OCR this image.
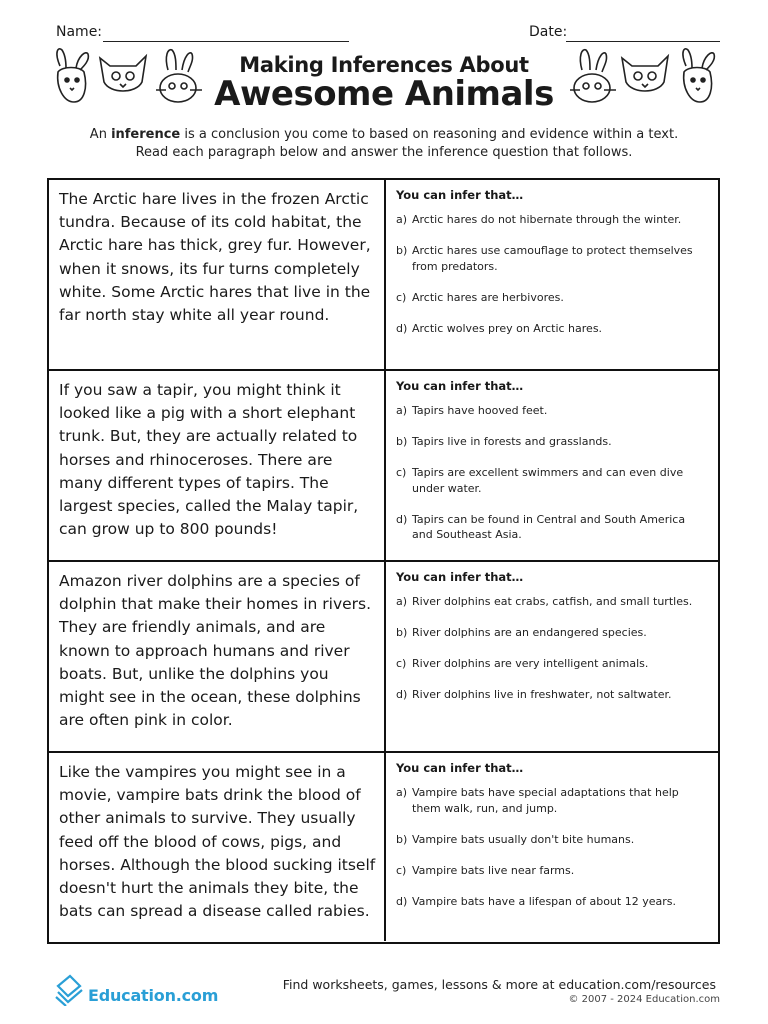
Name:	Date:
Making Inferences About
Awesome Animals
An inference is a conclusion you come to based on reasoning and evidence within a text.
Read each paragraph below and answer the inference question that follows.
The Arctic hare lives in the frozen Arctic tundra. Because of its cold habitat, the Arctic hare has thick, grey fur. However, when it snows, its fur turns completely white. Some Arctic hares that live in the far north stay white all year round.
You can infer that…
a) Arctic hares do not hibernate through the winter.
b) Arctic hares use camouflage to protect themselves from predators.
c) Arctic hares are herbivores.
d) Arctic wolves prey on Arctic hares.
If you saw a tapir, you might think it looked like a pig with a short elephant trunk. But, they are actually related to horses and rhinoceroses. There are many different types of tapirs. The largest species, called the Malay tapir, can grow up to 800 pounds!
You can infer that…
a) Tapirs have hooved feet.
b) Tapirs live in forests and grasslands.
c) Tapirs are excellent swimmers and can even dive under water.
d) Tapirs can be found in Central and South America and Southeast Asia.
Amazon river dolphins are a species of dolphin that make their homes in rivers. They are friendly animals, and are known to approach humans and river boats. But, unlike the dolphins you might see in the ocean, these dolphins are often pink in color.
You can infer that…
a) River dolphins eat crabs, catfish, and small turtles.
b) River dolphins are an endangered species.
c) River dolphins are very intelligent animals.
d) River dolphins live in freshwater, not saltwater.
Like the vampires you might see in a movie, vampire bats drink the blood of other animals to survive. They usually feed off the blood of cows, pigs, and horses. Although the blood sucking itself doesn't hurt the animals they bite, the bats can spread a disease called rabies.
You can infer that…
a) Vampire bats have special adaptations that help them walk, run, and jump.
b) Vampire bats usually don't bite humans.
c) Vampire bats live near farms.
d) Vampire bats have a lifespan of about 12 years.
Education.com
Find worksheets, games, lessons & more at education.com/resources
© 2007 - 2024 Education.com
